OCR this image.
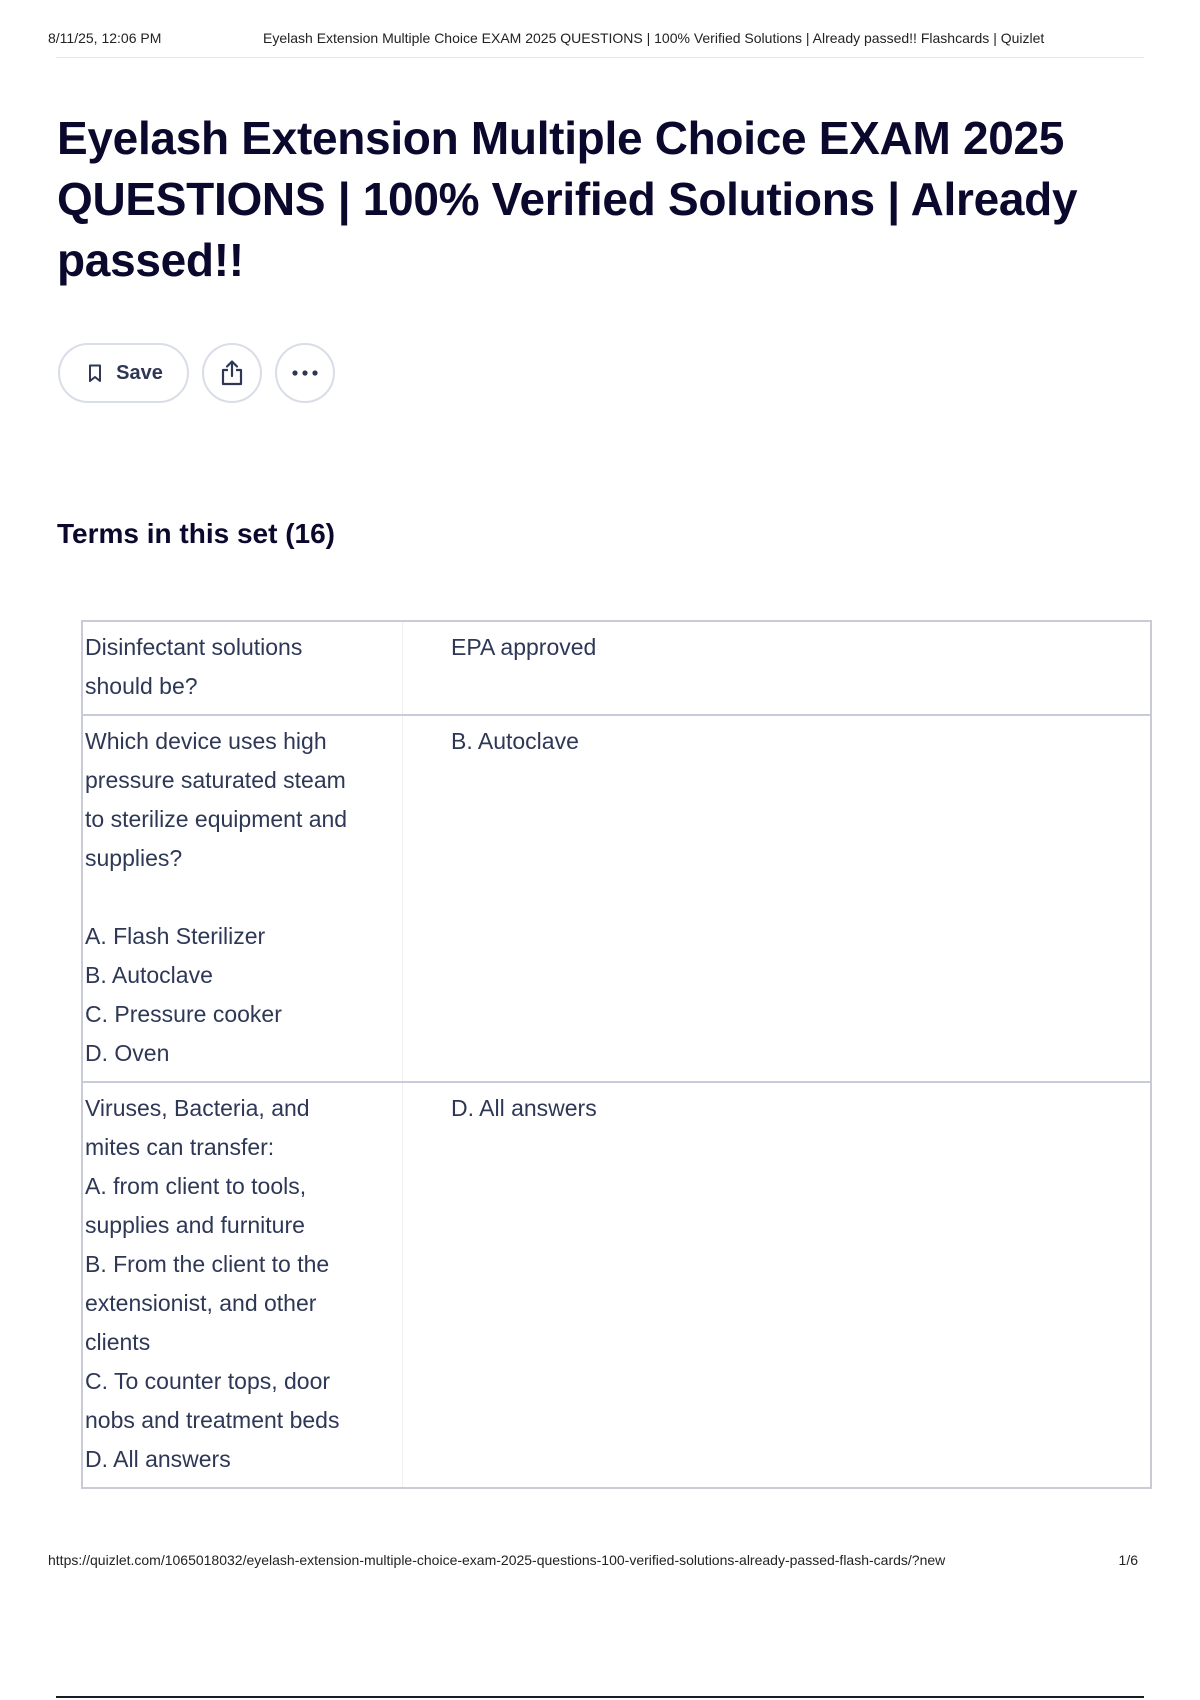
8/11/25, 12:06 PM	Eyelash Extension Multiple Choice EXAM 2025 QUESTIONS | 100% Verified Solutions | Already passed!! Flashcards | Quizlet
Eyelash Extension Multiple Choice EXAM 2025 QUESTIONS | 100% Verified Solutions | Already passed!!
Save
Terms in this set (16)
Disinfectant solutions
should be?
EPA approved
Which device uses high
pressure saturated steam
to sterilize equipment and
supplies?

A. Flash Sterilizer
B. Autoclave
C. Pressure cooker
D. Oven
B. Autoclave
Viruses, Bacteria, and
mites can transfer:
A. from client to tools,
supplies and furniture
B. From the client to the
extensionist, and other
clients
C. To counter tops, door
nobs and treatment beds
D. All answers
D. All answers
https://quizlet.com/1065018032/eyelash-extension-multiple-choice-exam-2025-questions-100-verified-solutions-already-passed-flash-cards/?new	1/6
